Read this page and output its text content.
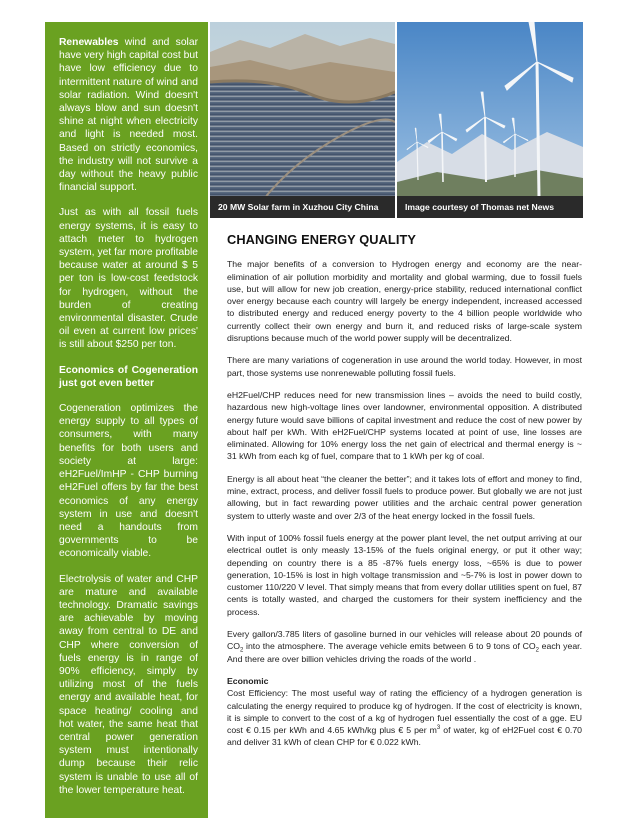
Renewables wind and solar have very high capital cost but have low efficiency due to intermittent nature of wind and solar radiation. Wind doesn't always blow and sun doesn't shine at night when electricity and light is needed most. Based on strictly economics, the industry will not survive a day without the heavy public financial support.

Just as with all fossil fuels energy systems, it is easy to attach meter to hydrogen system, yet far more profitable because water at around $ 5 per ton is low-cost feedstock for hydrogen, without the burden of creating environmental disaster. Crude oil even at current low prices' is still about $250 per ton.

Economics of Cogeneration just got even better

Cogeneration optimizes the energy supply to all types of consumers, with many benefits for both users and society at large: eH2Fuel/ImHP - CHP burning eH2Fuel offers by far the best economics of any energy system in use and doesn't need a handouts from governments to be economically viable.

Electrolysis of water and CHP are mature and available technology. Dramatic savings are achievable by moving away from central to DE and CHP where conversion of fuels energy is in range of 90% efficiency, simply by utilizing most of the fuels energy and available heat, for space heating/ cooling and hot water, the same heat that central power generation system must intentionally dump because their relic system is unable to use all of the lower temperature heat.

20 MW Solar farm in Xuzhou City China	Image courtesy of Thomas net News
CHANGING ENERGY QUALITY

The major benefits of a conversion to Hydrogen energy and economy are the near-elimination of air pollution morbidity and mortality and global warming, due to fossil fuels use, but will allow for new job creation, energy-price stability, reduced international conflict over energy because each country will largely be energy independent, increased accessed to distributed energy and reduced energy poverty to the 4 billion people worldwide who currently collect their own energy and burn it, and reduced risks of large-scale system disruptions because much of the world power supply will be decentralized.

There are many variations of cogeneration in use around the world today. However, in most part, those systems use nonrenewable polluting fossil fuels.

eH2Fuel/CHP reduces need for new transmission lines – avoids the need to build costly, hazardous new high-voltage lines over landowner, environmental opposition. A distributed energy future would save billions of capital investment and reduce the cost of new power by about half per kWh. With eH2Fuel/CHP systems located at point of use, line losses are eliminated. Allowing for 10% energy loss the net gain of electrical and thermal energy is ~ 31 kWh from each kg of fuel, compare that to 1 kWh per kg of coal.

Energy is all about heat “the cleaner the better”; and it takes lots of effort and money to find, mine, extract, process, and deliver fossil fuels to produce power. But globally we are not just allowing, but in fact rewarding power utilities and the archaic central power generation system to utterly waste and over 2/3 of the heat energy locked in the fossil fuels.

With input of 100% fossil fuels energy at the power plant level, the net output arriving at our electrical outlet is only measly 13-15% of the fuels original energy, or put it other way; depending on country there is a 85 -87% fuels energy loss, ~65% is due to power generation, 10-15% is lost in high voltage transmission and ~5-7% is lost in power down to customer 110/220 V level. That simply means that from every dollar utilities spent on fuel, 87 cents is totally wasted, and charged the customers for their system inefficiency and the process.

Every gallon/3.785 liters of gasoline burned in our vehicles will release about 20 pounds of $CO_2$ into the atmosphere. The average vehicle emits between 6 to 9 tons of $CO_2$ each year. And there are over billion vehicles driving the roads of the world .

Economic

Cost Efficiency: The most useful way of rating the efficiency of a hydrogen generation is calculating the energy required to produce kg of hydrogen. If the cost of electricity is known, it is simple to convert to the cost of a kg of hydrogen fuel essentially the cost of a gge. EU cost € 0.15 per kWh and 4.65 kWh/kg plus € 5 per $m^3$ of water, kg of eH2Fuel cost € 0.70 and deliver 31 kWh of clean CHP for € 0.022 kWh.
